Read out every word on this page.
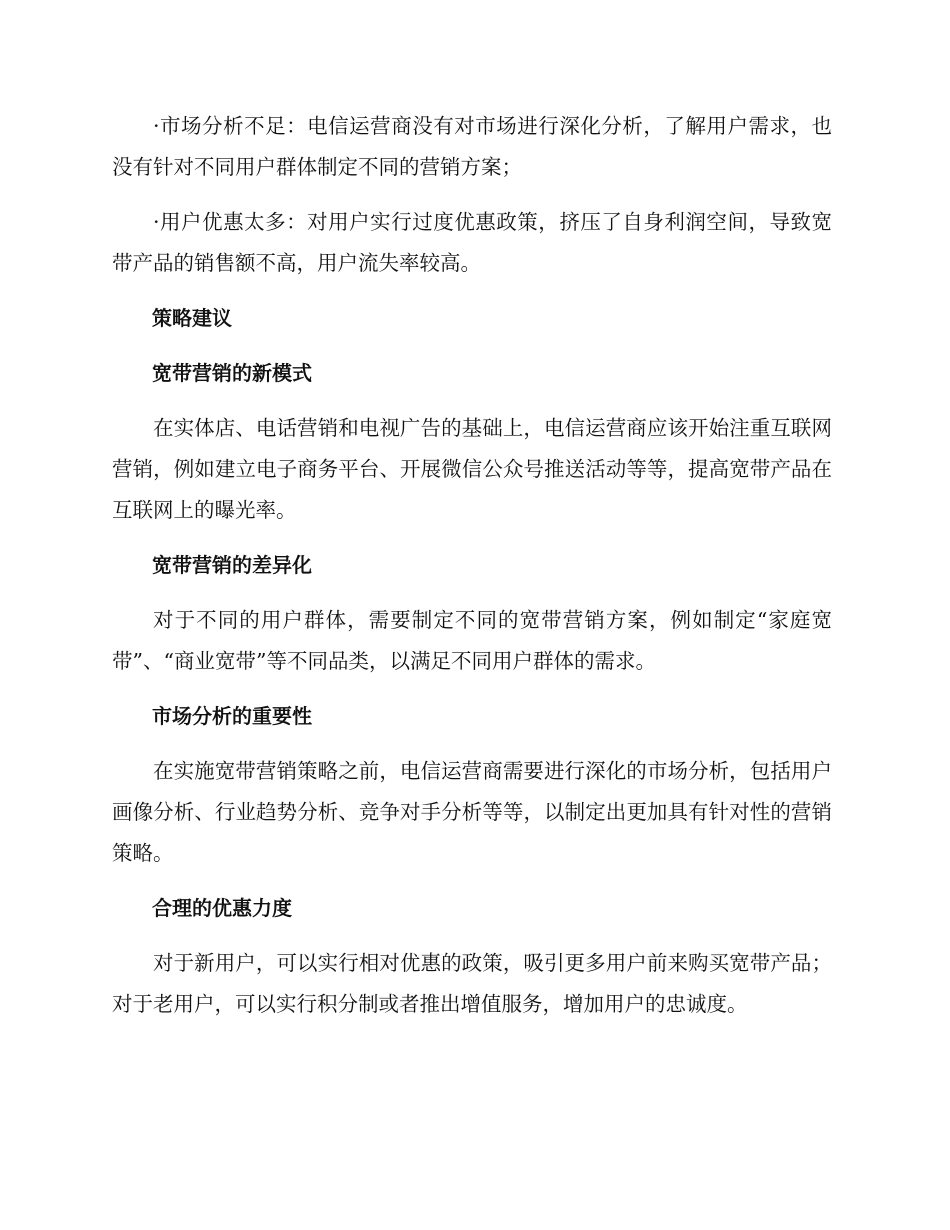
·市场分析不足：电信运营商没有对市场进行深化分析，了解用户需求，也没有针对不同用户群体制定不同的营销方案；

·用户优惠太多：对用户实行过度优惠政策，挤压了自身利润空间，导致宽带产品的销售额不高，用户流失率较高。

策略建议

宽带营销的新模式

在实体店、电话营销和电视广告的基础上，电信运营商应该开始注重互联网营销，例如建立电子商务平台、开展微信公众号推送活动等等，提高宽带产品在互联网上的曝光率。

宽带营销的差异化

对于不同的用户群体，需要制定不同的宽带营销方案，例如制定“家庭宽带”、“商业宽带”等不同品类，以满足不同用户群体的需求。

市场分析的重要性

在实施宽带营销策略之前，电信运营商需要进行深化的市场分析，包括用户画像分析、行业趋势分析、竞争对手分析等等，以制定出更加具有针对性的营销策略。

合理的优惠力度

对于新用户，可以实行相对优惠的政策，吸引更多用户前来购买宽带产品；对于老用户，可以实行积分制或者推出增值服务，增加用户的忠诚度。
